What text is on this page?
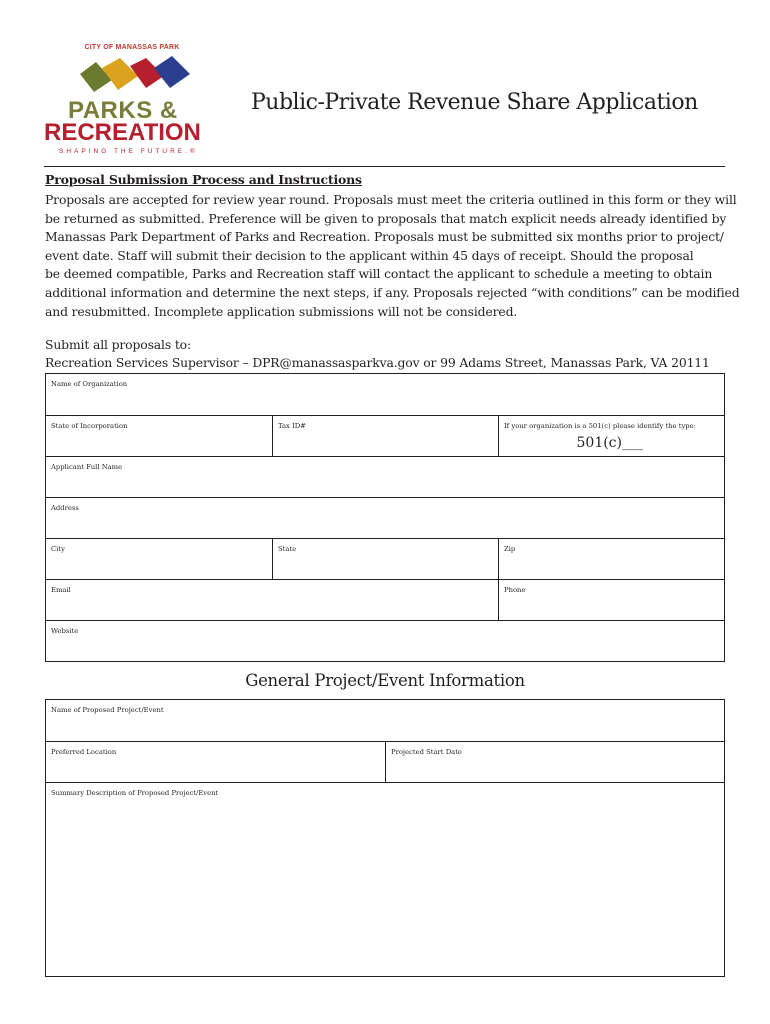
CITY OF MANASSAS PARK
PARKS &
RECREATION
SHAPING THE FUTURE.®
Public-Private Revenue Share Application
Proposal Submission Process and Instructions
Proposals are accepted for review year round. Proposals must meet the criteria outlined in this form or they will
be returned as submitted. Preference will be given to proposals that match explicit needs already identified by
Manassas Park Department of Parks and Recreation. Proposals must be submitted six months prior to project/
event date. Staff will submit their decision to the applicant within 45 days of receipt. Should the proposal
be deemed compatible, Parks and Recreation staff will contact the applicant to schedule a meeting to obtain
additional information and determine the next steps, if any. Proposals rejected “with conditions” can be modified
and resubmitted. Incomplete application submissions will not be considered.
Submit all proposals to:
Recreation Services Supervisor – DPR@manassasparkva.gov or 99 Adams Street, Manassas Park, VA 20111
Name of Organization
State of Incorporation	Tax ID#	If your organization is a 501(c) please identify the type:
501(c)___
Applicant Full Name
Address
City	State	Zip
Email	Phone
Website
General Project/Event Information
Name of Proposed Project/Event
Preferred Location	Projected Start Date
Summary Description of Proposed Project/Event
